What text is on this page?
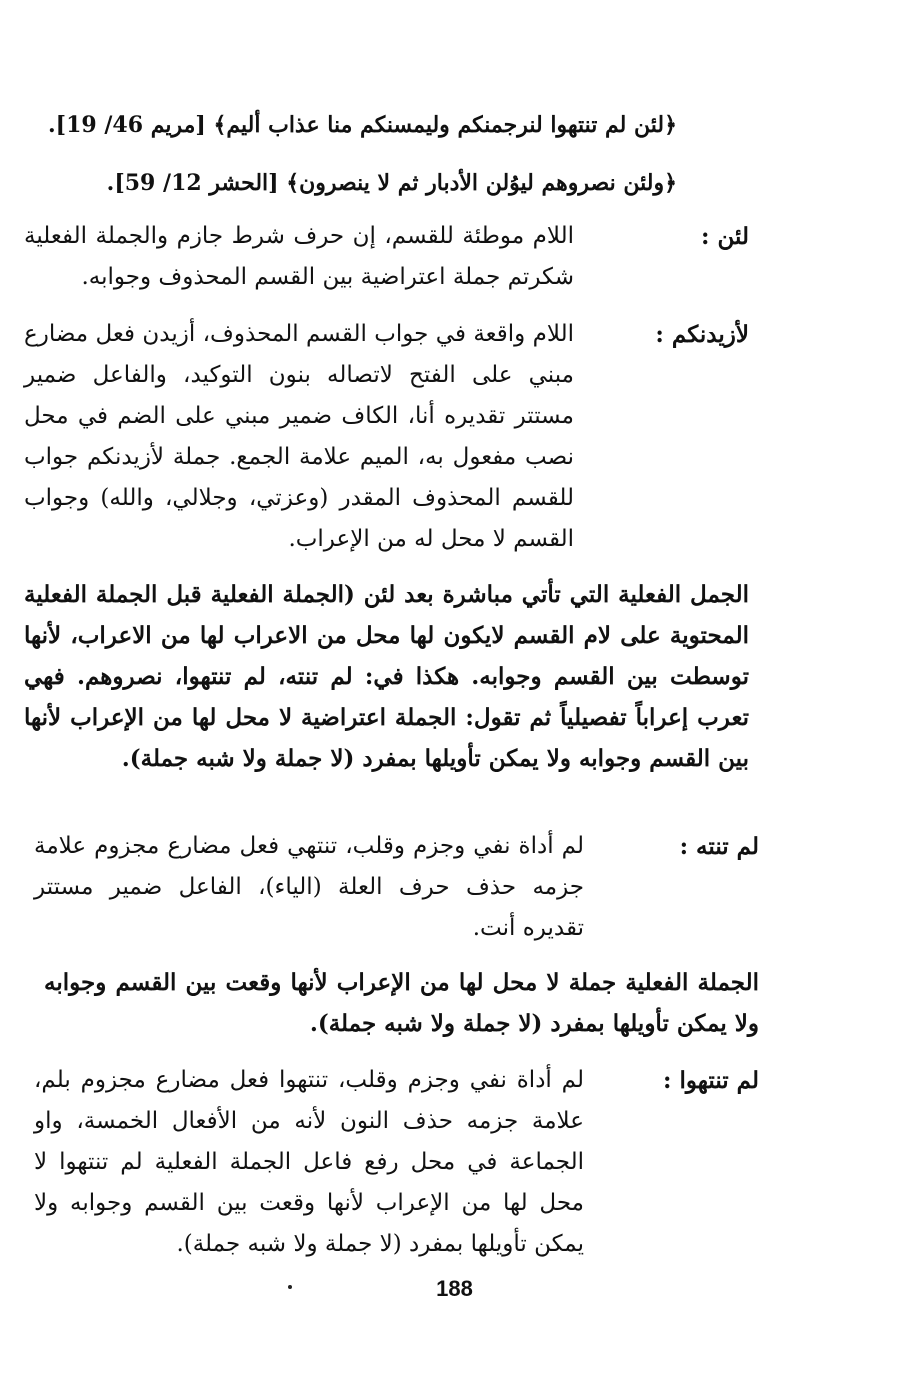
﴿لئن لم تنتهوا لنرجمنكم وليمسنكم منا عذاب أليم﴾ [مريم 46/ 19].
﴿ولئن نصروهم ليوُلن الأدبار ثم لا ينصرون﴾ [الحشر 12/ 59].
لئن :
اللام موطئة للقسم، إن حرف شرط جازم والجملة الفعلية شكرتم جملة اعتراضية بين القسم المحذوف وجوابه.
لأزيدنكم :
اللام واقعة في جواب القسم المحذوف، أزيدن فعل مضارع مبني على الفتح لاتصاله بنون التوكيد، والفاعل ضمير مستتر تقديره أنا، الكاف ضمير مبني على الضم في محل نصب مفعول به، الميم علامة الجمع. جملة لأزيدنكم جواب للقسم المحذوف المقدر (وعزتي، وجلالي، والله) وجواب القسم لا محل له من الإعراب.
الجمل الفعلية التي تأتي مباشرة بعد لئن (الجملة الفعلية قبل الجملة الفعلية المحتوية على لام القسم لايكون لها محل من الاعراب لها من الاعراب، لأنها توسطت بين القسم وجوابه. هكذا في: لم تنته، لم تنتهوا، نصروهم. فهي تعرب إعراباً تفصيلياً ثم تقول: الجملة اعتراضية لا محل لها من الإعراب لأنها بين القسم وجوابه ولا يمكن تأويلها بمفرد (لا جملة ولا شبه جملة).
لم تنته :
لم أداة نفي وجزم وقلب، تنتهي فعل مضارع مجزوم علامة جزمه حذف حرف العلة (الياء)، الفاعل ضمير مستتر تقديره أنت.
الجملة الفعلية جملة لا محل لها من الإعراب لأنها وقعت بين القسم وجوابه ولا يمكن تأويلها بمفرد (لا جملة ولا شبه جملة).
لم تنتهوا :
لم أداة نفي وجزم وقلب، تنتهوا فعل مضارع مجزوم بلم، علامة جزمه حذف النون لأنه من الأفعال الخمسة، واو الجماعة في محل رفع فاعل الجملة الفعلية لم تنتهوا لا محل لها من الإعراب لأنها وقعت بين القسم وجوابه ولا يمكن تأويلها بمفرد (لا جملة ولا شبه جملة).
188
